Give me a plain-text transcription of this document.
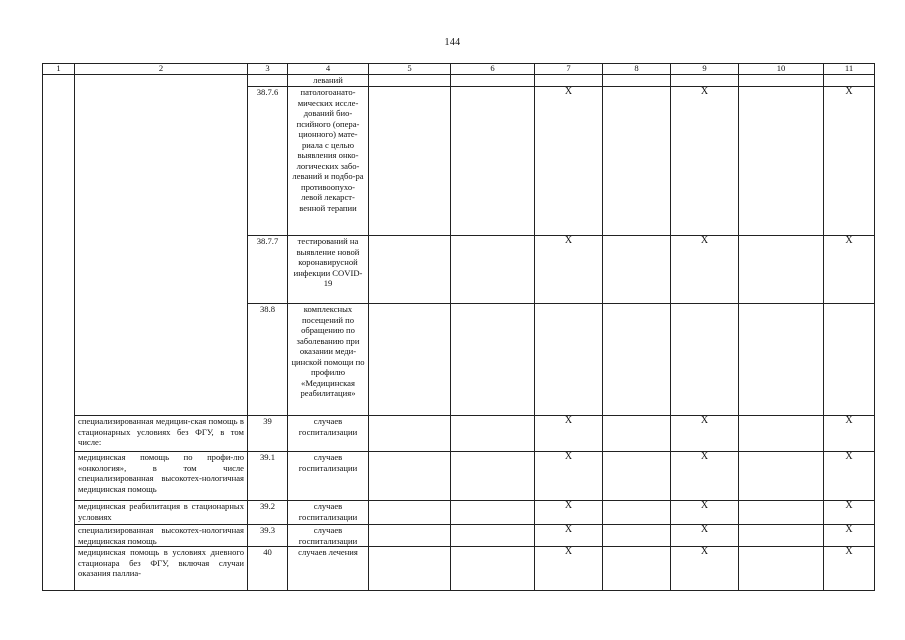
144
1	2	3	4	5	6	7	8	9	10	11
			леваний							
		38.7.6	патологоанато-мических иссле-дований био-псийного (опера-ционного) мате-риала с целью выявления онко-логических забо-леваний и подбо-ра противоопухо-левой лекарст-венной терапии			X		X		X
		38.7.7	тестирований на выявление новой коронавирусной инфекции COVID-19			X		X		X
		38.8	комплексных посещений по обращению по заболеванию при оказании меди-цинской помощи по профилю «Медицинская реабилитация»							
	специализированная медицин-ская помощь в стационарных условиях без ФГУ, в том числе:	39	случаев госпитализации			X		X		X
	медицинская помощь по профи-лю «онкология», в том числе специализированная высокотех-нологичная медицинская помощь	39.1	случаев госпитализации			X		X		X
	медицинская реабилитация в стационарных условиях	39.2	случаев госпитализации			X		X		X
	специализированная высокотех-нологичная медицинская помощь	39.3	случаев госпитализации			X		X		X
	медицинская помощь в условиях дневного стационара без ФГУ, включая случаи оказания паллиа-	40	случаев лечения			X		X		X
